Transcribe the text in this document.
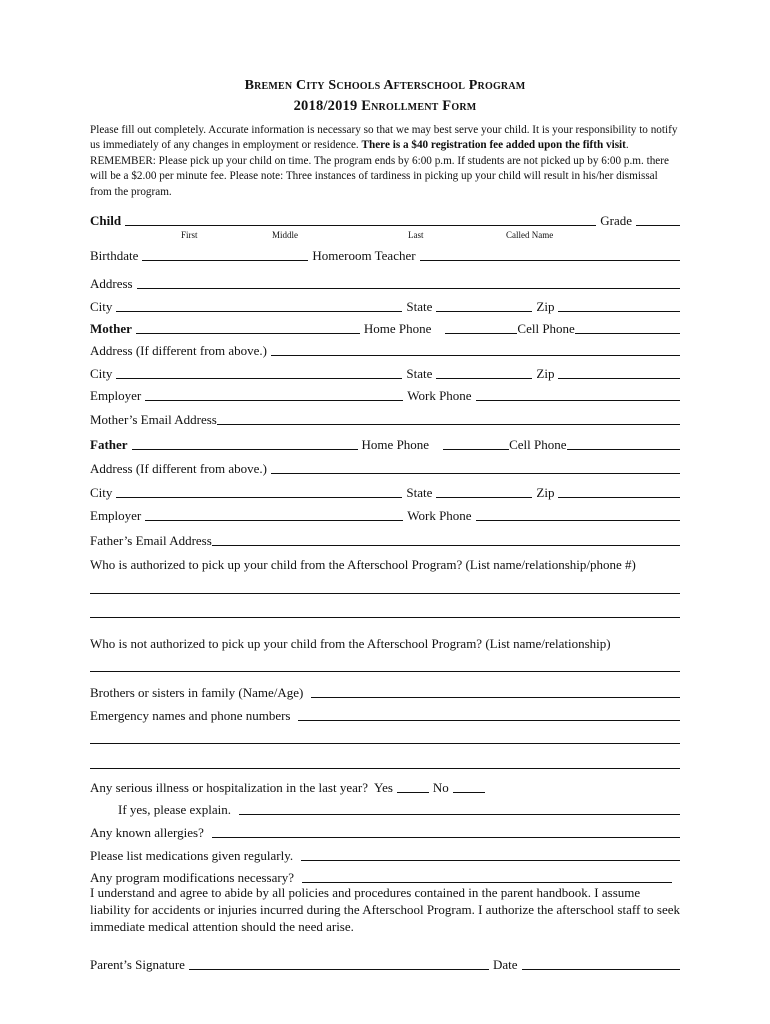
Bremen City Schools Afterschool Program
2018/2019 Enrollment Form
Please fill out completely. Accurate information is necessary so that we may best serve your child. It is your responsibility to notify us immediately of any changes in employment or residence. There is a $40 registration fee added upon the fifth visit. REMEMBER: Please pick up your child on time. The program ends by 6:00 p.m. If students are not picked up by 6:00 p.m. there will be a $2.00 per minute fee. Please note: Three instances of tardiness in picking up your child will result in his/her dismissal from the program.
Child	Grade
First	Middle	Last	Called Name
Birthdate	Homeroom Teacher
Address
City	State	Zip
Mother	Home Phone	Cell Phone
Address (If different from above.)
City	State	Zip
Employer	Work Phone
Mother’s Email Address
Father	Home Phone	Cell Phone
Address (If different from above.)
City	State	Zip
Employer	Work Phone
Father’s Email Address
Who is authorized to pick up your child from the Afterschool Program? (List name/relationship/phone #)
Who is not authorized to pick up your child from the Afterschool Program? (List name/relationship)
Brothers or sisters in family (Name/Age)
Emergency names and phone numbers
Any serious illness or hospitalization in the last year? Yes	No
If yes, please explain.
Any known allergies?
Please list medications given regularly.
Any program modifications necessary?
I understand and agree to abide by all policies and procedures contained in the parent handbook. I assume liability for accidents or injuries incurred during the Afterschool Program. I authorize the afterschool staff to seek immediate medical attention should the need arise.
Parent’s Signature	Date
